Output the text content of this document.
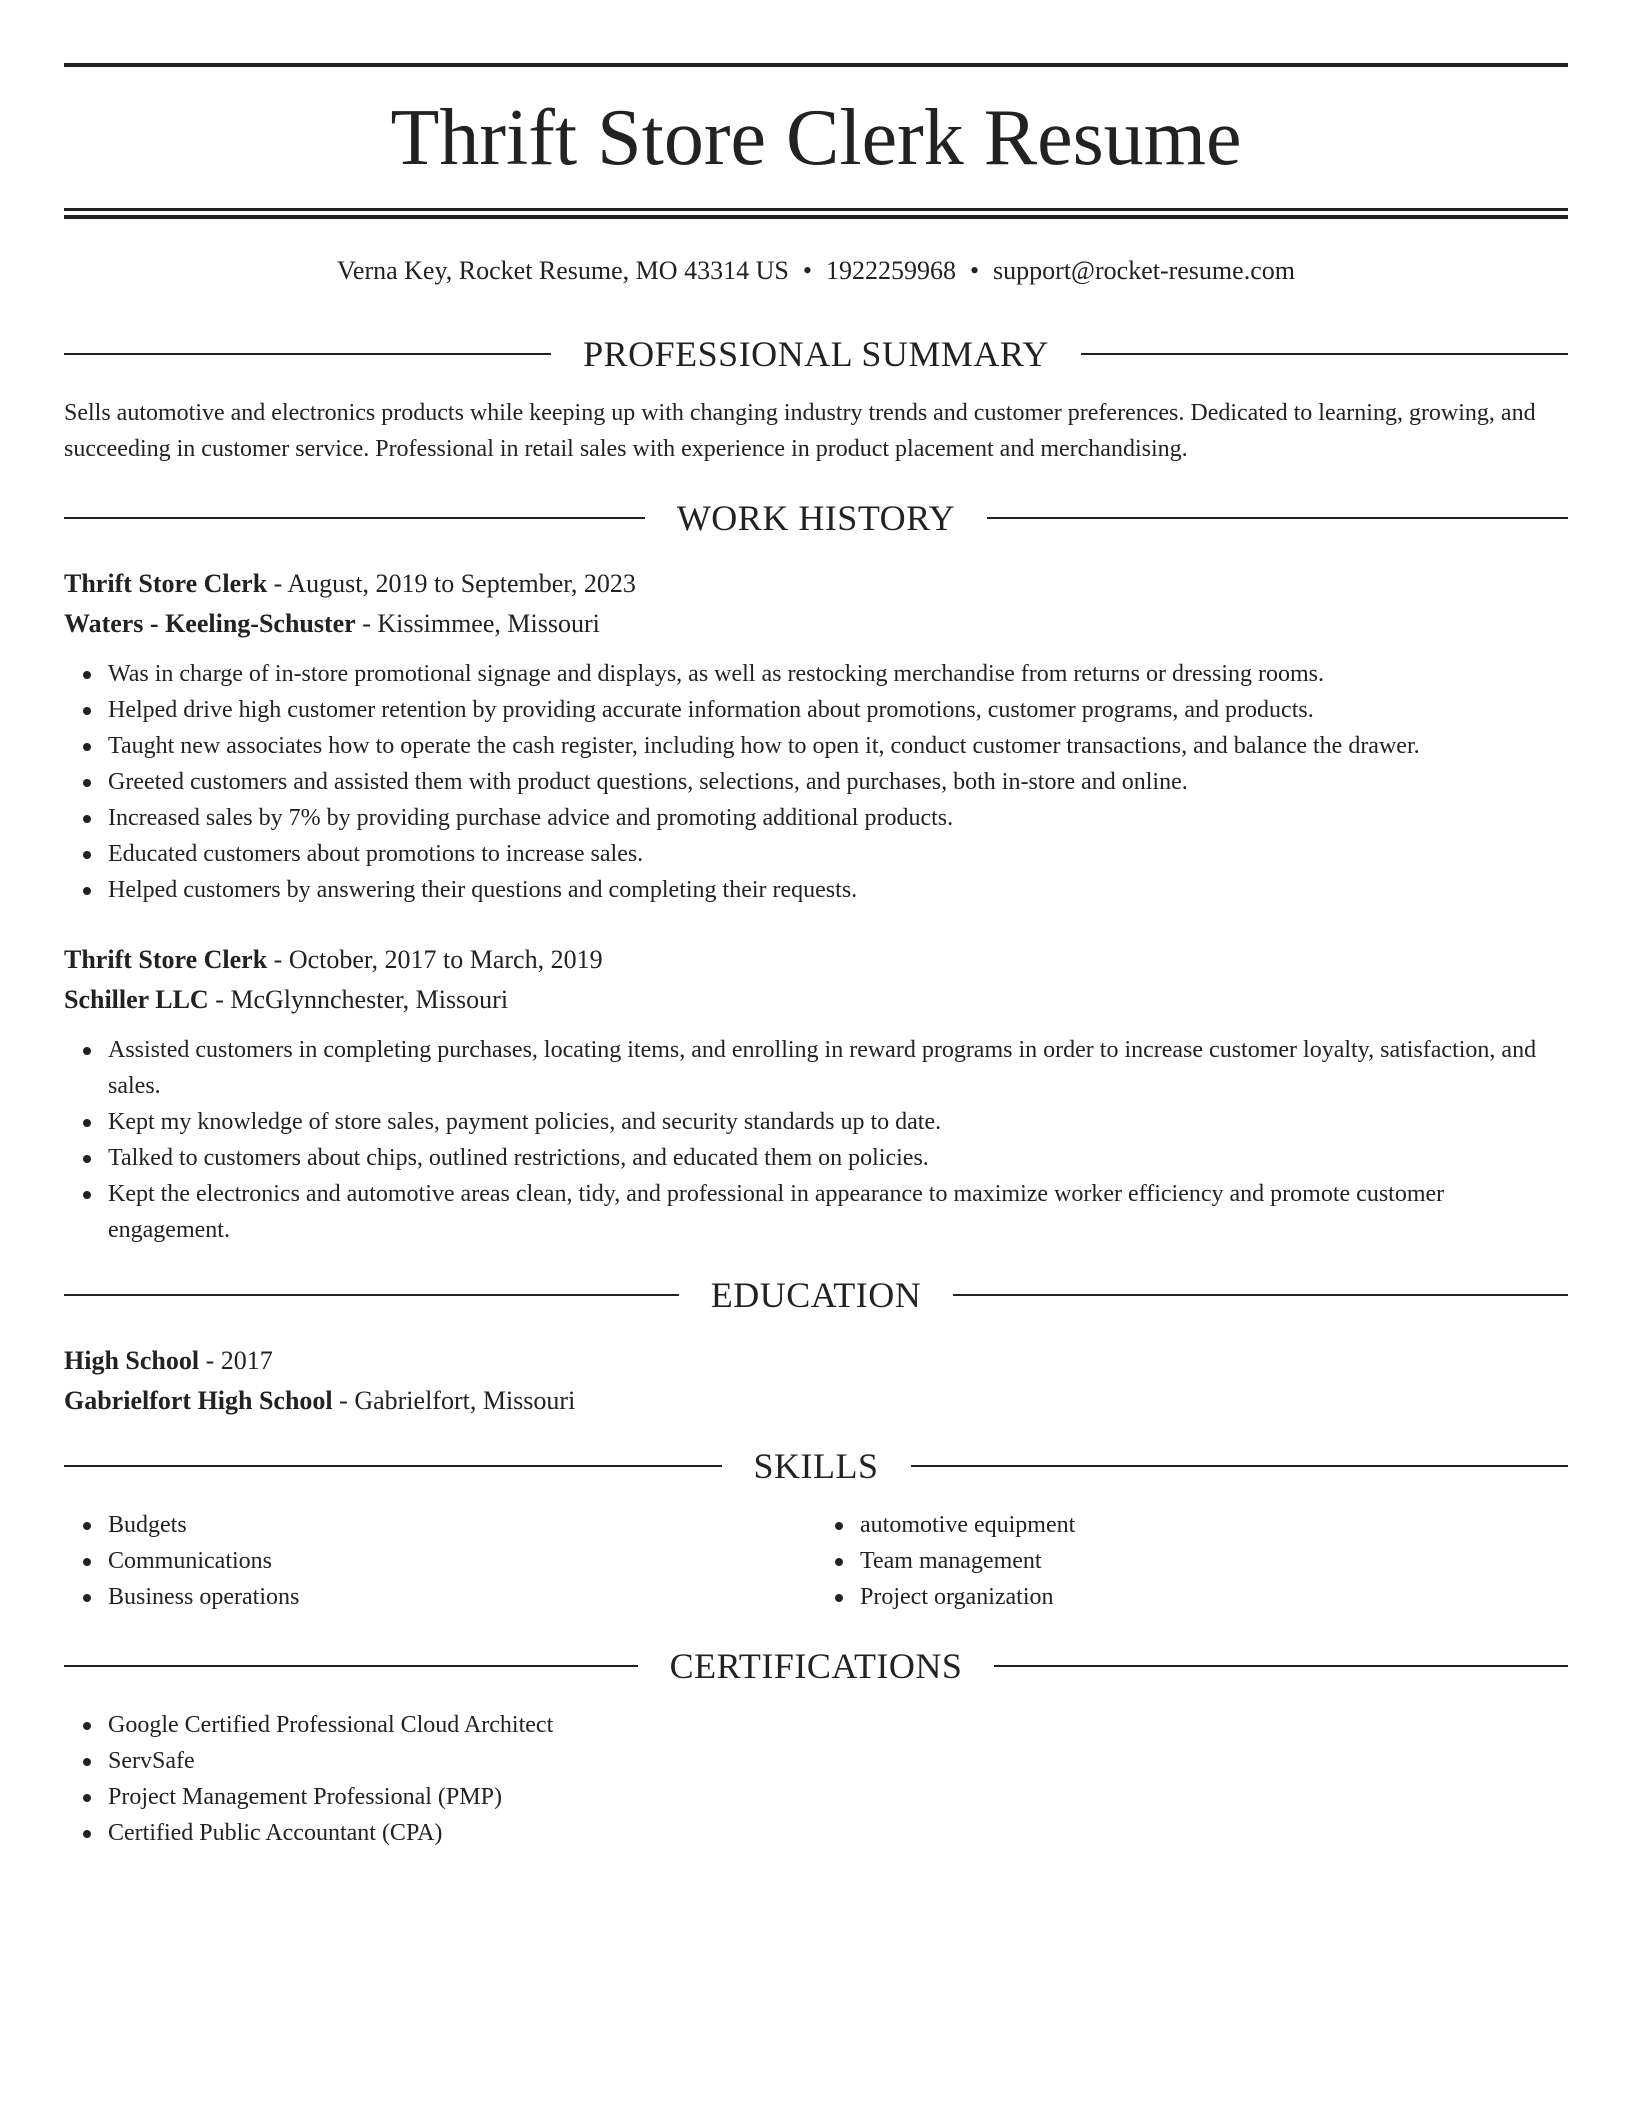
Thrift Store Clerk Resume
Verna Key, Rocket Resume, MO 43314 US • 1922259968 • support@rocket-resume.com
PROFESSIONAL SUMMARY

Sells automotive and electronics products while keeping up with changing industry trends and customer preferences. Dedicated to learning, growing, and succeeding in customer service. Professional in retail sales with experience in product placement and merchandising.

WORK HISTORY

Thrift Store Clerk - August, 2019 to September, 2023

Waters - Keeling-Schuster - Kissimmee, Missouri

Was in charge of in-store promotional signage and displays, as well as restocking merchandise from returns or dressing rooms.
Helped drive high customer retention by providing accurate information about promotions, customer programs, and products.
Taught new associates how to operate the cash register, including how to open it, conduct customer transactions, and balance the drawer.
Greeted customers and assisted them with product questions, selections, and purchases, both in-store and online.
Increased sales by 7% by providing purchase advice and promoting additional products.
Educated customers about promotions to increase sales.
Helped customers by answering their questions and completing their requests.

Thrift Store Clerk - October, 2017 to March, 2019

Schiller LLC - McGlynnchester, Missouri

Assisted customers in completing purchases, locating items, and enrolling in reward programs in order to increase customer loyalty, satisfaction, and sales.
Kept my knowledge of store sales, payment policies, and security standards up to date.
Talked to customers about chips, outlined restrictions, and educated them on policies.
Kept the electronics and automotive areas clean, tidy, and professional in appearance to maximize worker efficiency and promote customer engagement.
EDUCATION

High School - 2017

Gabrielfort High School - Gabrielfort, Missouri

SKILLS
Budgets
Communications
Business operations
automotive equipment
Team management
Project organization
CERTIFICATIONS
Google Certified Professional Cloud Architect
ServSafe
Project Management Professional (PMP)
Certified Public Accountant (CPA)
